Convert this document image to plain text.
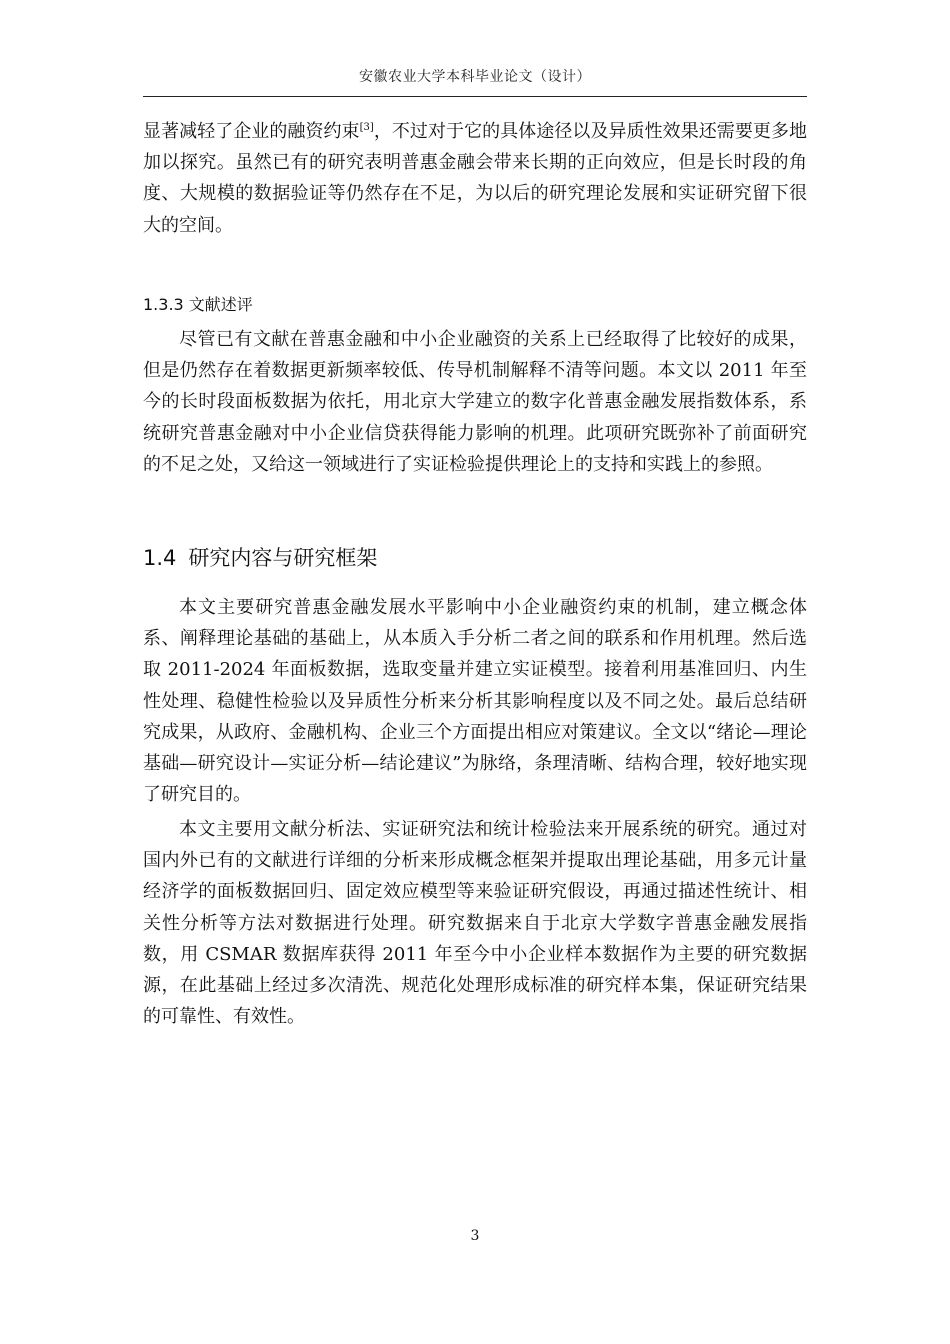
安徽农业大学本科毕业论文（设计）

显著减轻了企业的融资约束[3]，不过对于它的具体途径以及异质性效果还需要更多地加以探究。虽然已有的研究表明普惠金融会带来长期的正向效应，但是长时段的角度、大规模的数据验证等仍然存在不足，为以后的研究理论发展和实证研究留下很大的空间。

1.3.3 文献述评

尽管已有文献在普惠金融和中小企业融资的关系上已经取得了比较好的成果，但是仍然存在着数据更新频率较低、传导机制解释不清等问题。本文以 2011 年至今的长时段面板数据为依托，用北京大学建立的数字化普惠金融发展指数体系，系统研究普惠金融对中小企业信贷获得能力影响的机理。此项研究既弥补了前面研究的不足之处，又给这一领域进行了实证检验提供理论上的支持和实践上的参照。

1.4 研究内容与研究框架

本文主要研究普惠金融发展水平影响中小企业融资约束的机制，建立概念体系、阐释理论基础的基础上，从本质入手分析二者之间的联系和作用机理。然后选取 2011-2024 年面板数据，选取变量并建立实证模型。接着利用基准回归、内生性处理、稳健性检验以及异质性分析来分析其影响程度以及不同之处。最后总结研究成果，从政府、金融机构、企业三个方面提出相应对策建议。全文以“绪论—理论基础—研究设计—实证分析—结论建议”为脉络，条理清晰、结构合理，较好地实现了研究目的。

本文主要用文献分析法、实证研究法和统计检验法来开展系统的研究。通过对国内外已有的文献进行详细的分析来形成概念框架并提取出理论基础，用多元计量经济学的面板数据回归、固定效应模型等来验证研究假设，再通过描述性统计、相关性分析等方法对数据进行处理。研究数据来自于北京大学数字普惠金融发展指数，用 CSMAR 数据库获得 2011 年至今中小企业样本数据作为主要的研究数据源，在此基础上经过多次清洗、规范化处理形成标准的研究样本集，保证研究结果的可靠性、有效性。

3
